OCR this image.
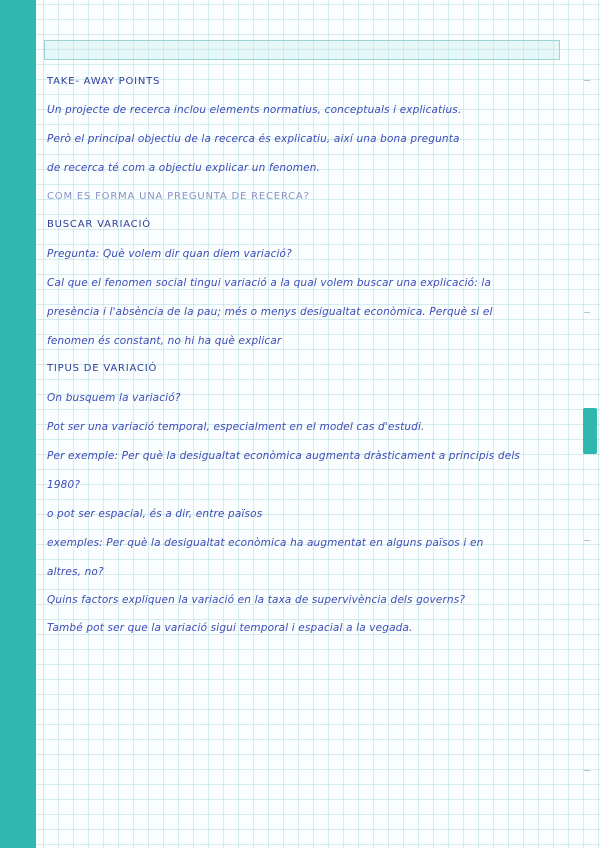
TAKE- AWAY POINTS

Un projecte de recerca inclou elements normatius, conceptuals i explicatius.

Però el principal objectiu de la recerca és explicatiu, així una bona pregunta

de recerca té com a objectiu explicar un fenomen.

COM ES FORMA UNA PREGUNTA DE RECERCA?

BUSCAR VARIACIÓ

Pregunta: Què volem dir quan diem variació?

Cal que el fenomen social tingui variació a la qual volem buscar una explicació: la

presència i l'absència de la pau; més o menys desigualtat econòmica. Perquè si el

fenomen és constant, no hi ha què explicar

TIPUS DE VARIACIÓ

On busquem la variació?

Pot ser una variació temporal, especialment en el model cas d'estudi.

Per exemple: Per què la desigualtat econòmica augmenta dràsticament a principis dels

1980?

o pot ser espacial, és a dir, entre països

exemples: Per què la desigualtat econòmica ha augmentat en alguns països i en

altres, no?

Quins factors expliquen la variació en la taxa de supervivència dels governs?

També pot ser que la variació sigui temporal i espacial a la vegada.
